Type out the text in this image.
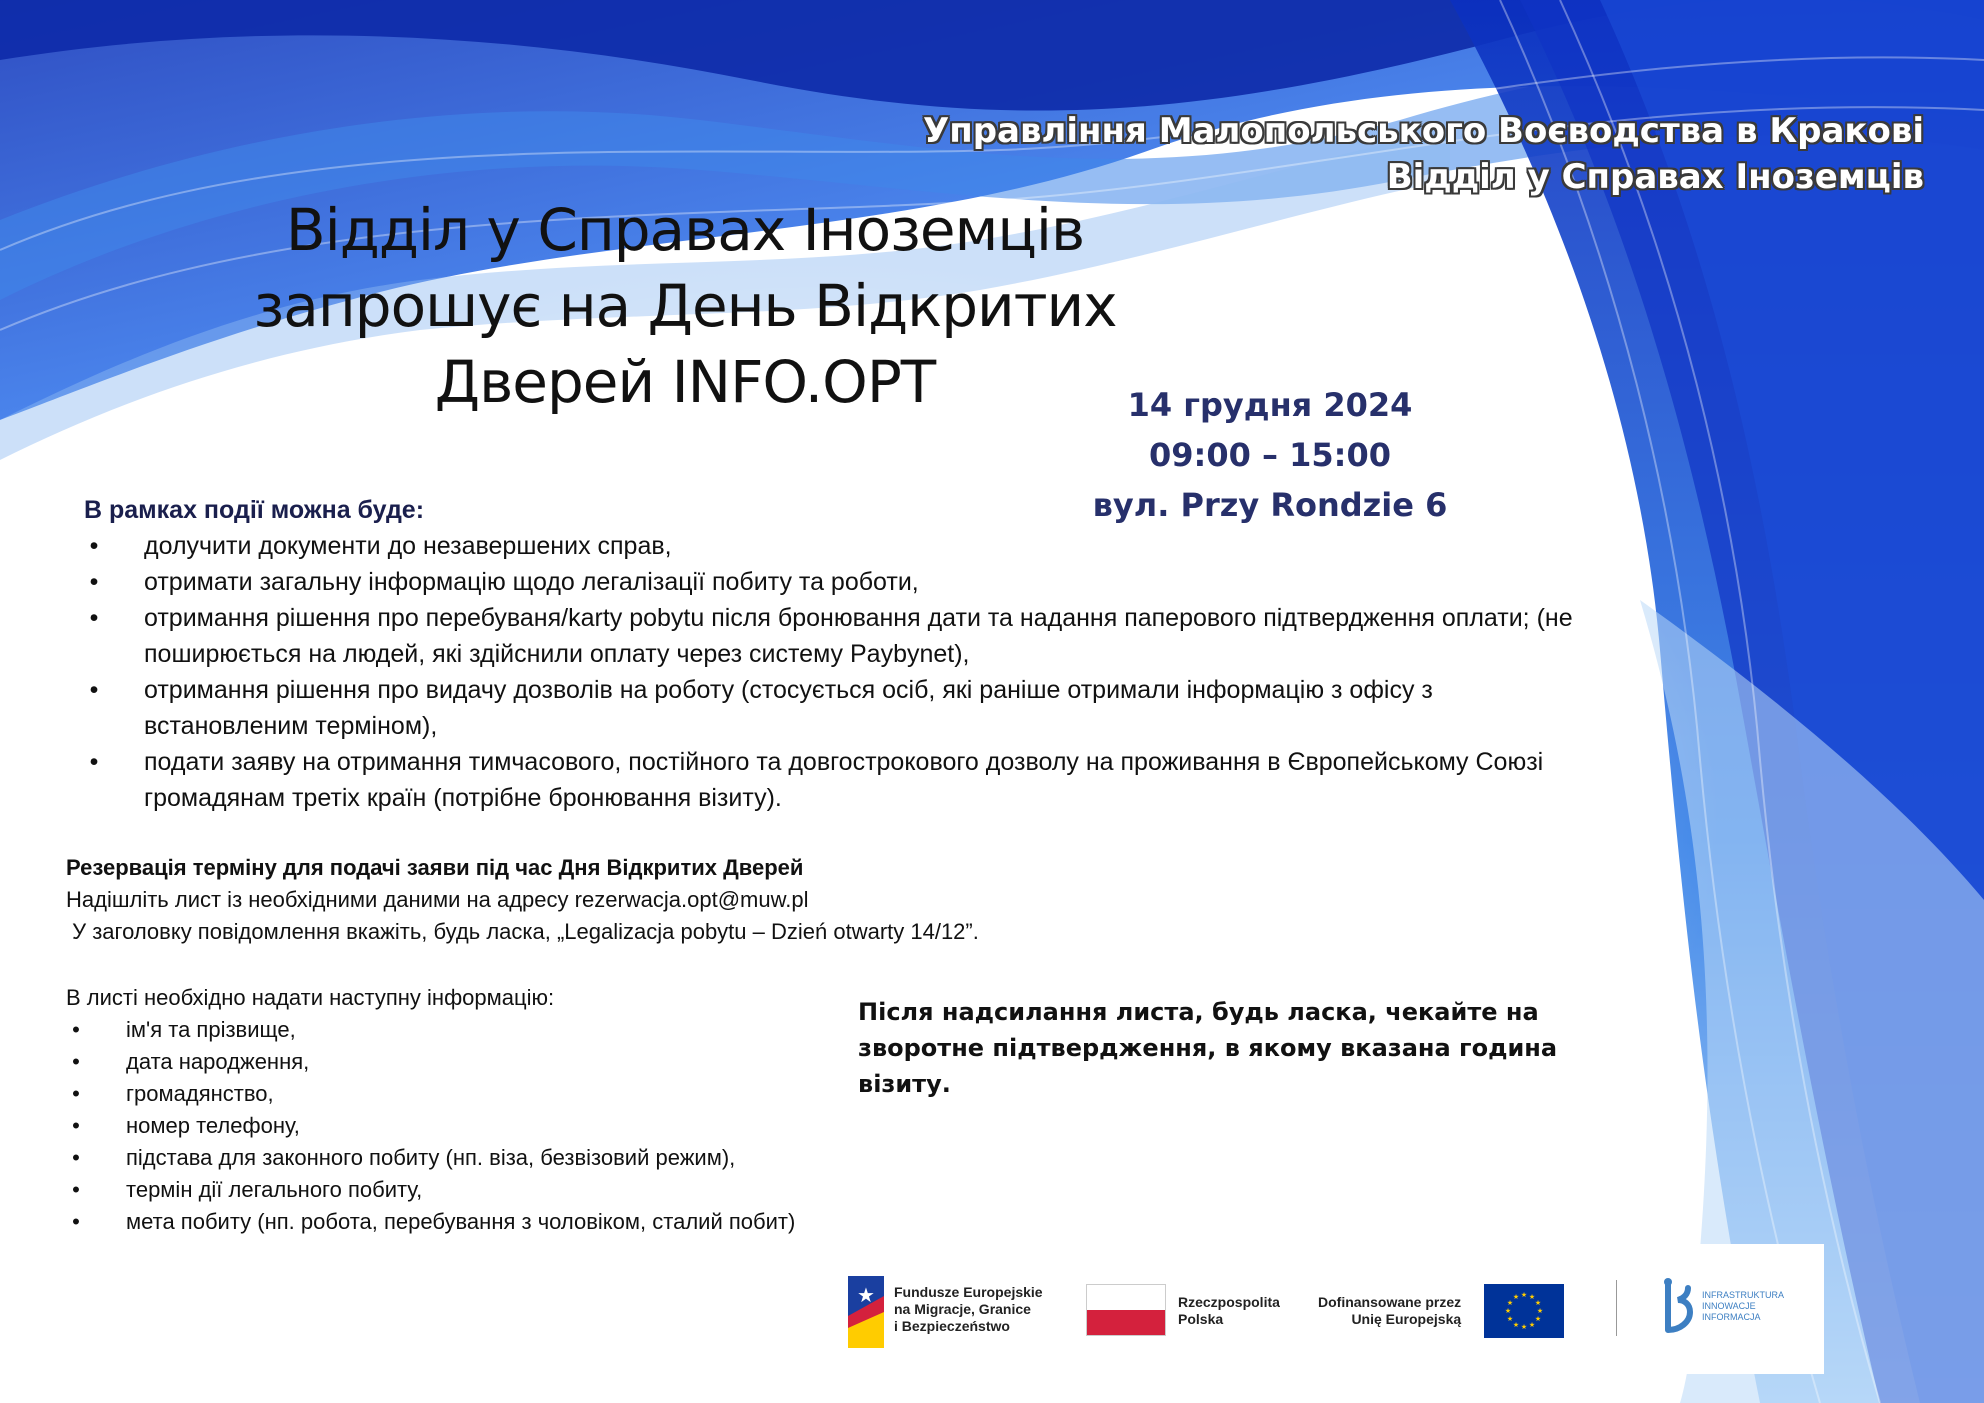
Управління Малопольського Воєводства в Кракові
Відділ у Справах Іноземців
Відділ у Справах Іноземців
запрошує на День Відкритих
Дверей INFO.OPT	14 грудня 2024
09:00 – 15:00
вул. Przy Rondzie 6
В рамках події можна буде:
• долучити документи до незавершених справ,
• отримати загальну інформацію щодо легалізації побиту та роботи,
• отримання рішення про перебуваня/karty pobytu після бронювання дати та надання паперового підтвердження оплати; (не поширюється на людей, які здійснили оплату через систему Paybynet),
• отримання рішення про видачу дозволів на роботу (стосується осіб, які раніше отримали інформацію з офісу з встановленим терміном),
• подати заяву на отримання тимчасового, постійного та довгострокового дозволу на проживання в Європейському Союзі громадянам третіх країн (потрібне бронювання візиту).
Резервація терміну для подачі заяви під час Дня Відкритих Дверей
Надішліть лист із необхідними даними на адресу rezerwacja.opt@muw.pl
У заголовку повідомлення вкажіть, будь ласка, „Legalizacja pobytu – Dzień otwarty 14/12”.
В листі необхідно надати наступну інформацію:
• ім'я та прізвище,
• дата народження,
• громадянство,
• номер телефону,
• підстава для законного побиту (нп. віза, безвізовий режим),
• термін дії легального побиту,
• мета побиту (нп. робота, перебування з чоловіком, сталий побит)
Після надсилання листа, будь ласка, чекайте на зворотне підтвердження, в якому вказана година візиту.
★ Fundusze Europejskie
na Migracje, Granice
i Bezpieczeństwo
Rzeczpospolita
Polska
Dofinansowane przez
Unię Europejską
★ ★
★
★
★
★
★
★
★
★
★
★	INFRASTRUKTURA
INNOWACJE
INFORMACJA
